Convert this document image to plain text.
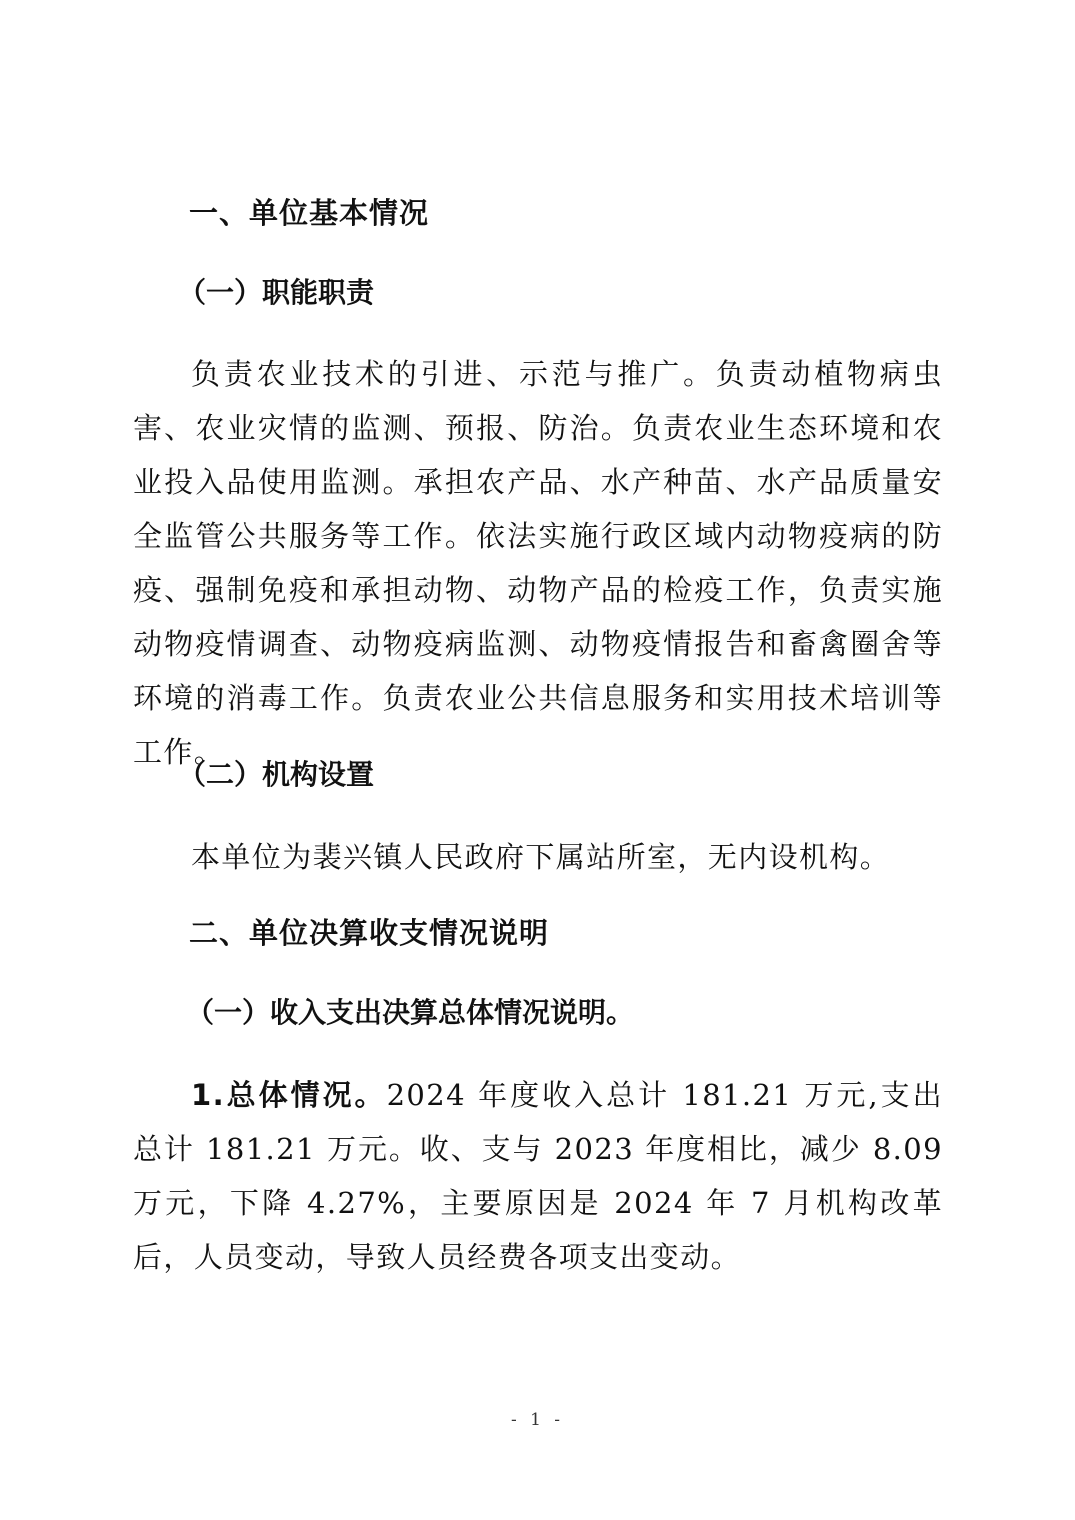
一、单位基本情况
（一）职能职责
负责农业技术的引进、示范与推广。负责动植物病虫害、农业灾情的监测、预报、防治。负责农业生态环境和农业投入品使用监测。承担农产品、水产种苗、水产品质量安全监管公共服务等工作。依法实施行政区域内动物疫病的防疫、强制免疫和承担动物、动物产品的检疫工作，负责实施动物疫情调查、动物疫病监测、动物疫情报告和畜禽圈舍等环境的消毒工作。负责农业公共信息服务和实用技术培训等工作。
（二）机构设置
本单位为裴兴镇人民政府下属站所室，无内设机构。
二、单位决算收支情况说明
（一）收入支出决算总体情况说明。
1.总体情况。2024 年度收入总计 181.21 万元,支出总计 181.21 万元。收、支与 2023 年度相比，减少 8.09 万元，下降 4.27%，主要原因是 2024 年 7 月机构改革后，人员变动，导致人员经费各项支出变动。
- 1 -
